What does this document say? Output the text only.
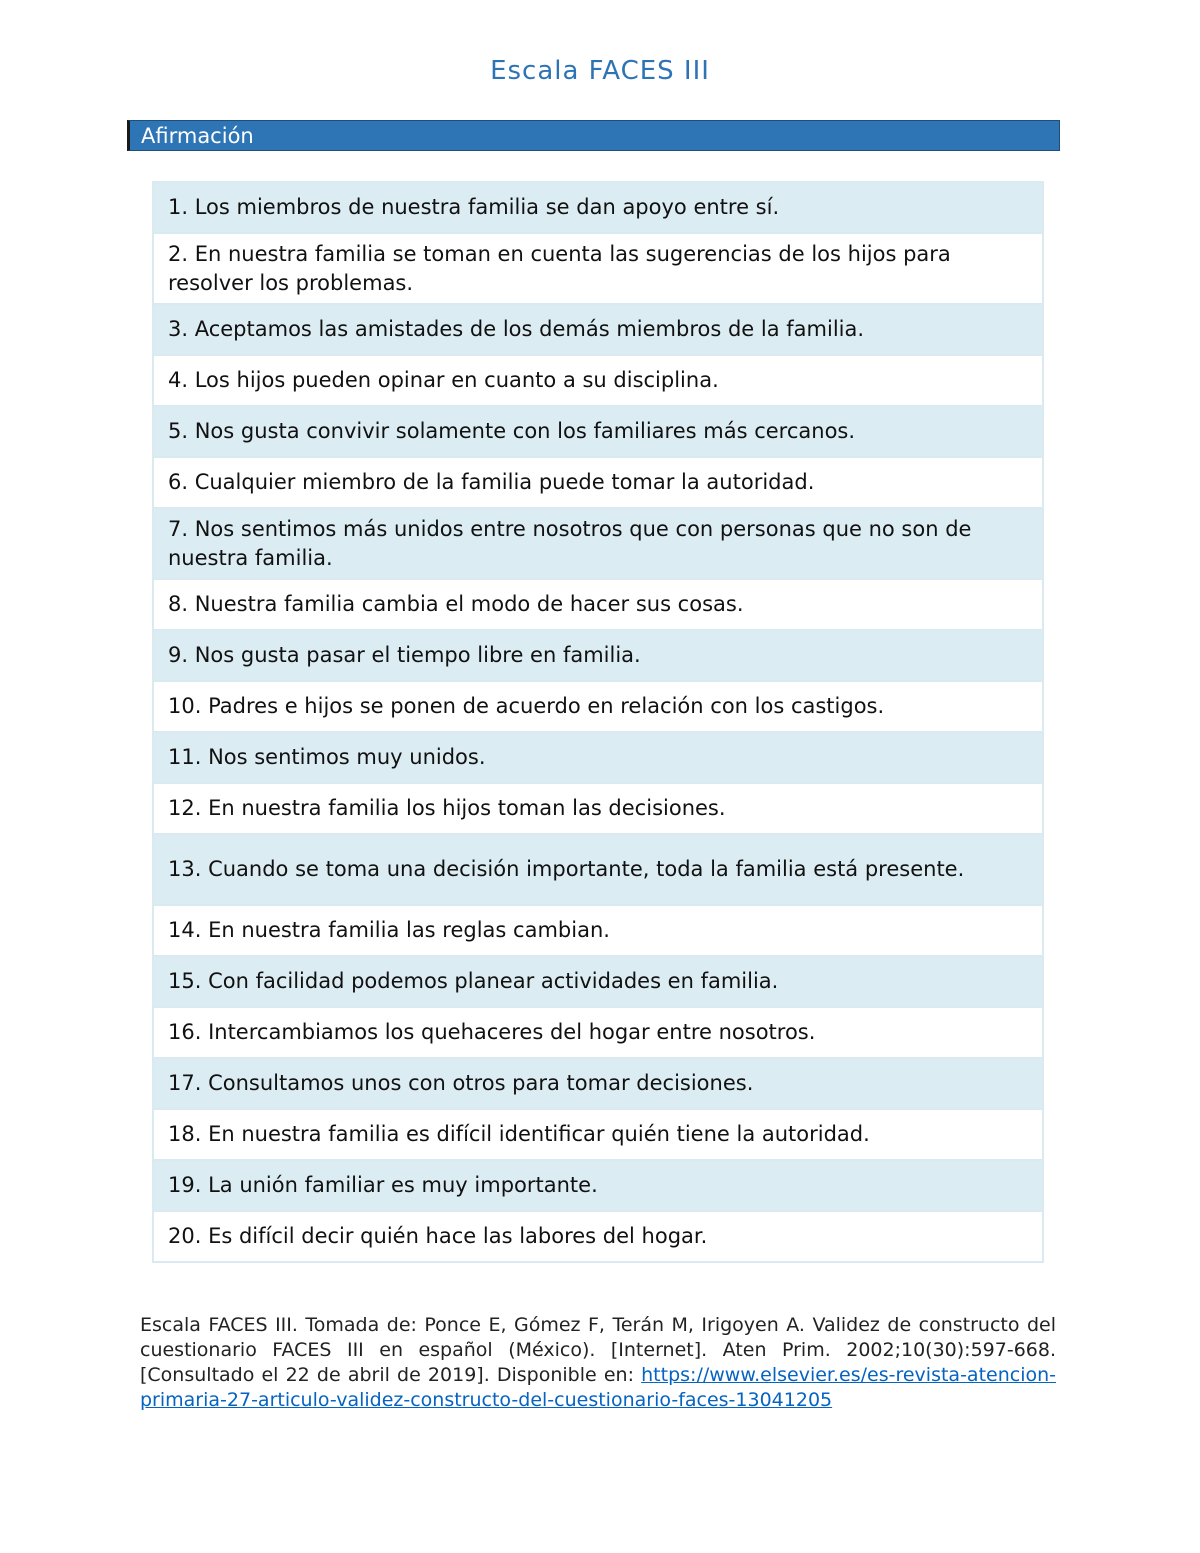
Escala FACES III
Afirmación
1. Los miembros de nuestra familia se dan apoyo entre sí.
2. En nuestra familia se toman en cuenta las sugerencias de los hijos para resolver los problemas.
3. Aceptamos las amistades de los demás miembros de la familia.
4. Los hijos pueden opinar en cuanto a su disciplina.
5. Nos gusta convivir solamente con los familiares más cercanos.
6. Cualquier miembro de la familia puede tomar la autoridad.
7. Nos sentimos más unidos entre nosotros que con personas que no son de nuestra familia.
8. Nuestra familia cambia el modo de hacer sus cosas.
9. Nos gusta pasar el tiempo libre en familia.
10. Padres e hijos se ponen de acuerdo en relación con los castigos.
11. Nos sentimos muy unidos.
12. En nuestra familia los hijos toman las decisiones.
13. Cuando se toma una decisión importante, toda la familia está presente.
14. En nuestra familia las reglas cambian.
15. Con facilidad podemos planear actividades en familia.
16. Intercambiamos los quehaceres del hogar entre nosotros.
17. Consultamos unos con otros para tomar decisiones.
18. En nuestra familia es difícil identificar quién tiene la autoridad.
19. La unión familiar es muy importante.
20. Es difícil decir quién hace las labores del hogar.
Escala FACES III. Tomada de: Ponce E, Gómez F, Terán M, Irigoyen A. Validez de constructo del cuestionario FACES III en español (México). [Internet]. Aten Prim. 2002;10(30):597-668. [Consultado el 22 de abril de 2019]. Disponible en: https://www.elsevier.es/es-revista-atencion-primaria-27-articulo-validez-constructo-del-cuestionario-faces-13041205
